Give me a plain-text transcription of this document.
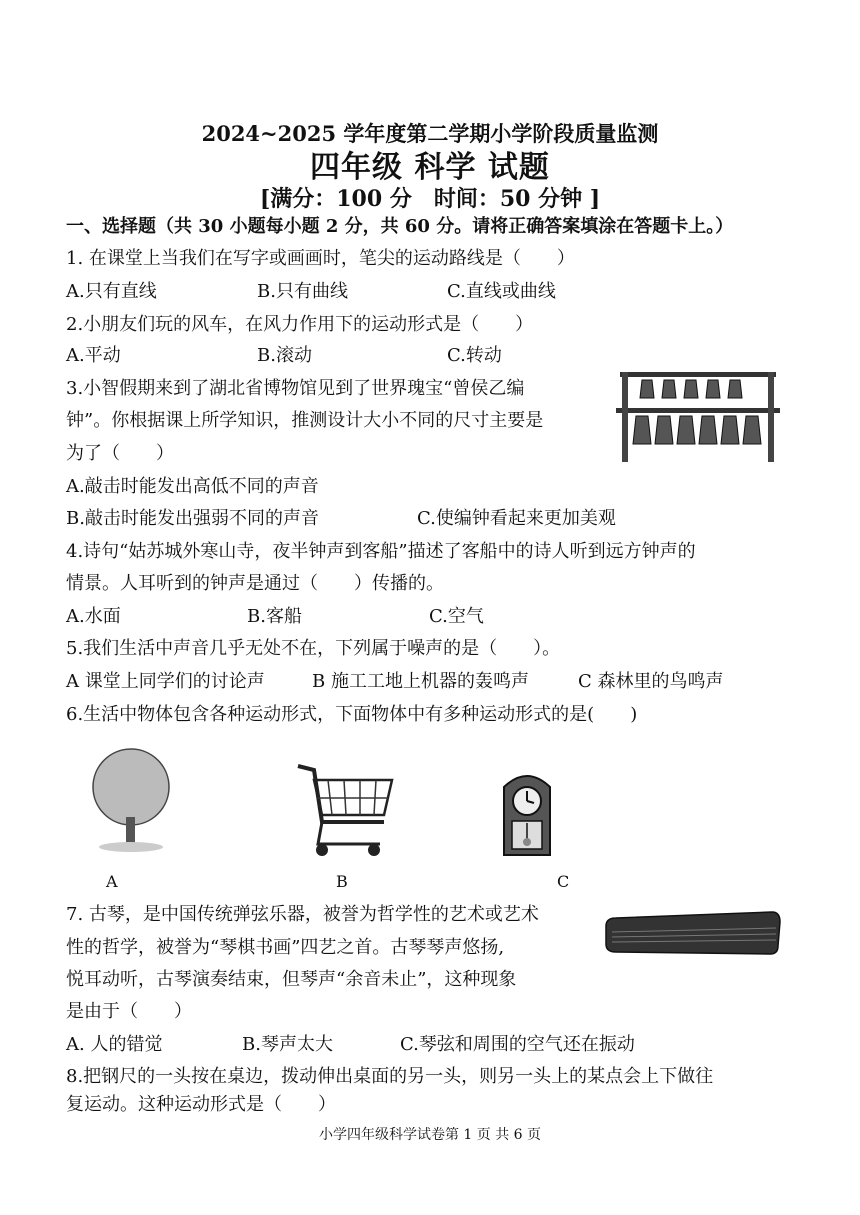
2024~2025 学年度第二学期小学阶段质量监测
四年级 科学 试题
[满分：100 分　时间：50 分钟 ]
一、选择题（共 30 小题每小题 2 分，共 60 分。请将正确答案填涂在答题卡上。）
1. 在课堂上当我们在写字或画画时，笔尖的运动路线是（　　）
A.只有直线	B.只有曲线	C.直线或曲线
2.小朋友们玩的风车，在风力作用下的运动形式是（　　）
A.平动	B.滚动	C.转动
3.小智假期来到了湖北省博物馆见到了世界瑰宝“曾侯乙编
钟”。你根据课上所学知识，推测设计大小不同的尺寸主要是
为了（　　）
A.敲击时能发出高低不同的声音
B.敲击时能发出强弱不同的声音	C.使编钟看起来更加美观
4.诗句“姑苏城外寒山寺，夜半钟声到客船”描述了客船中的诗人听到远方钟声的
情景。人耳听到的钟声是通过（　　）传播的。
A.水面	B.客船	C.空气
5.我们生活中声音几乎无处不在，下列属于噪声的是（　　）。
A 课堂上同学们的讨论声	B 施工工地上机器的轰鸣声	C 森林里的鸟鸣声
6.生活中物体包含各种运动形式，下面物体中有多种运动形式的是(　　)
A	B	C
7. 古琴，是中国传统弹弦乐器，被誉为哲学性的艺术或艺术
性的哲学，被誉为“琴棋书画”四艺之首。古琴琴声悠扬,
悦耳动听，古琴演奏结束，但琴声“余音未止”，这种现象
是由于（　　）
A. 人的错觉	B.琴声太大	C.琴弦和周围的空气还在振动
8.把钢尺的一头按在桌边，拨动伸出桌面的另一头，则另一头上的某点会上下做往
复运动。这种运动形式是（　　）
小学四年级科学试卷第 1 页 共 6 页
